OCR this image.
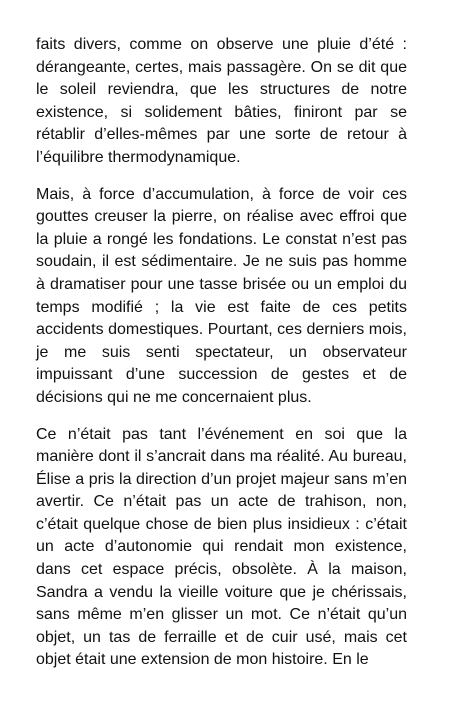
faits divers, comme on observe une pluie d’été : dérangeante, certes, mais passagère. On se dit que le soleil reviendra, que les structures de notre existence, si solidement bâties, finiront par se rétablir d’elles-mêmes par une sorte de retour à l’équilibre thermodynamique.

Mais, à force d’accumulation, à force de voir ces gouttes creuser la pierre, on réalise avec effroi que la pluie a rongé les fondations. Le constat n’est pas soudain, il est sédimentaire. Je ne suis pas homme à dramatiser pour une tasse brisée ou un emploi du temps modifié ; la vie est faite de ces petits accidents domestiques. Pourtant, ces derniers mois, je me suis senti spectateur, un observateur impuissant d’une succession de gestes et de décisions qui ne me concernaient plus.

Ce n’était pas tant l’événement en soi que la manière dont il s’ancrait dans ma réalité. Au bureau, Élise a pris la direction d’un projet majeur sans m’en avertir. Ce n’était pas un acte de trahison, non, c’était quelque chose de bien plus insidieux : c’était un acte d’autonomie qui rendait mon existence, dans cet espace précis, obsolète. À la maison, Sandra a vendu la vieille voiture que je chérissais, sans même m’en glisser un mot. Ce n’était qu’un objet, un tas de ferraille et de cuir usé, mais cet objet était une extension de mon histoire. En le
